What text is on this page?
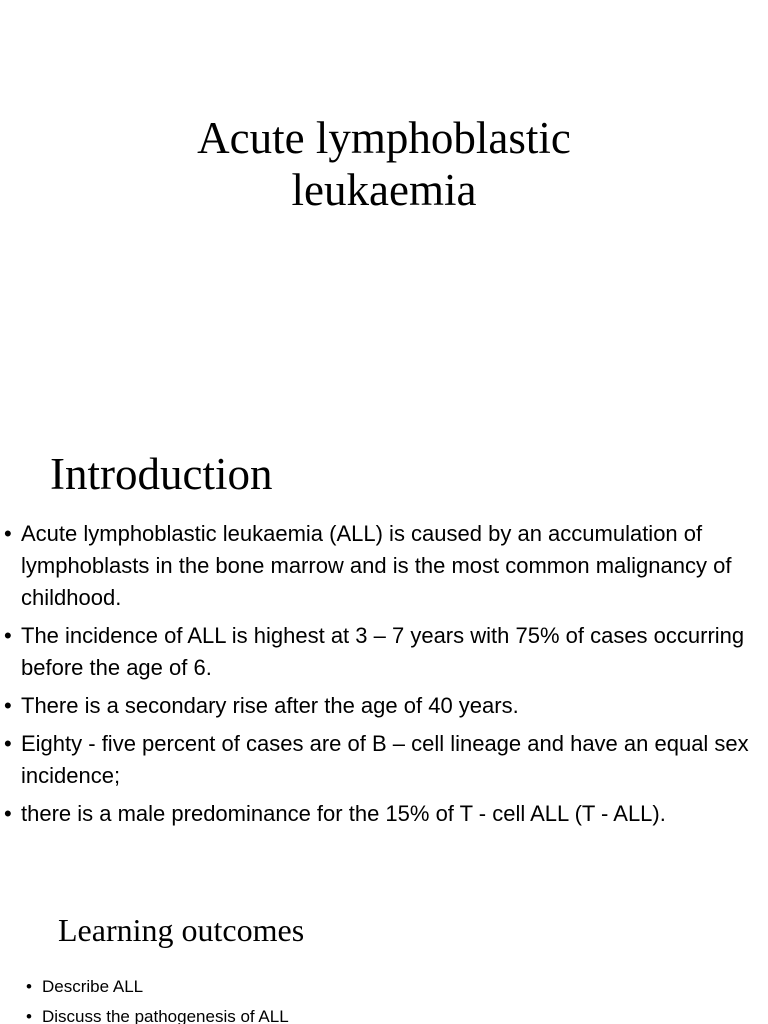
Acute lymphoblastic
leukaemia
Introduction
• Acute lymphoblastic leukaemia (ALL) is caused by an accumulation of lymphoblasts in the bone marrow and is the most common malignancy of childhood.
• The incidence of ALL is highest at 3 – 7 years with 75% of cases occurring before the age of 6.
• There is a secondary rise after the age of 40 years.
• Eighty - five percent of cases are of B – cell lineage and have an equal sex incidence;
• there is a male predominance for the 15% of T - cell ALL (T - ALL).
Learning outcomes
• Describe ALL
• Discuss the pathogenesis of ALL
